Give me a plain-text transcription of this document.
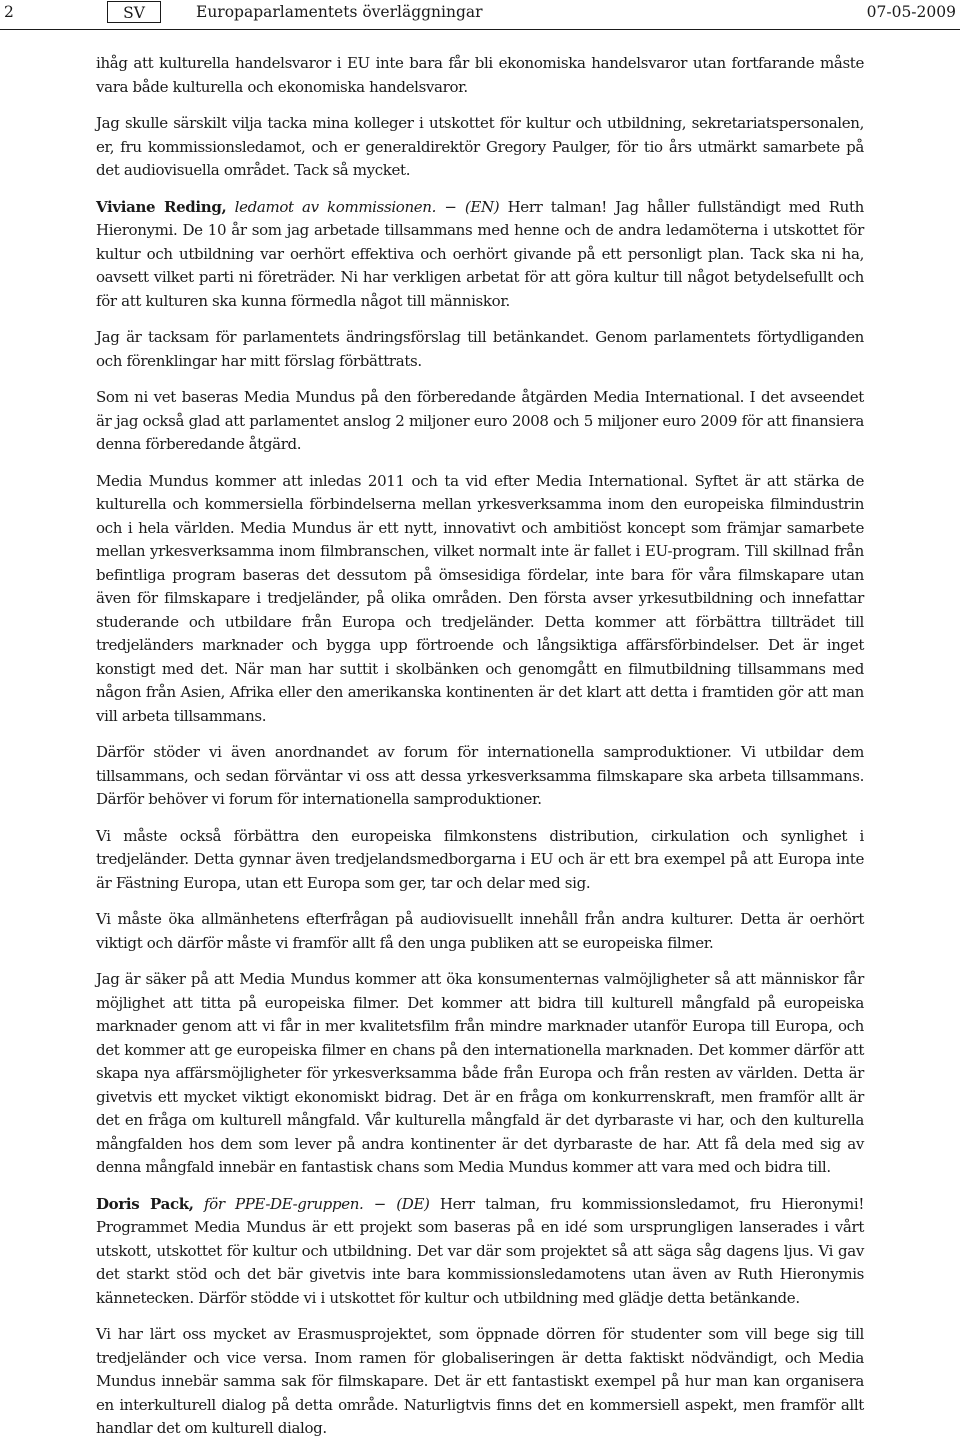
2	SV	Europaparlamentets överläggningar	07-05-2009

ihåg att kulturella handelsvaror i EU inte bara får bli ekonomiska handelsvaror utan fortfarande måste vara både kulturella och ekonomiska handelsvaror.

Jag skulle särskilt vilja tacka mina kolleger i utskottet för kultur och utbildning, sekretariatspersonalen, er, fru kommissionsledamot, och er generaldirektör Gregory Paulger, för tio års utmärkt samarbete på det audiovisuella området. Tack så mycket.

Viviane Reding, ledamot av kommissionen. − (EN) Herr talman! Jag håller fullständigt med Ruth Hieronymi. De 10 år som jag arbetade tillsammans med henne och de andra ledamöterna i utskottet för kultur och utbildning var oerhört effektiva och oerhört givande på ett personligt plan. Tack ska ni ha, oavsett vilket parti ni företräder. Ni har verkligen arbetat för att göra kultur till något betydelsefullt och för att kulturen ska kunna förmedla något till människor.

Jag är tacksam för parlamentets ändringsförslag till betänkandet. Genom parlamentets förtydliganden och förenklingar har mitt förslag förbättrats.

Som ni vet baseras Media Mundus på den förberedande åtgärden Media International. I det avseendet är jag också glad att parlamentet anslog 2 miljoner euro 2008 och 5 miljoner euro 2009 för att finansiera denna förberedande åtgärd.

Media Mundus kommer att inledas 2011 och ta vid efter Media International. Syftet är att stärka de kulturella och kommersiella förbindelserna mellan yrkesverksamma inom den europeiska filmindustrin och i hela världen. Media Mundus är ett nytt, innovativt och ambitiöst koncept som främjar samarbete mellan yrkesverksamma inom filmbranschen, vilket normalt inte är fallet i EU-program. Till skillnad från befintliga program baseras det dessutom på ömsesidiga fördelar, inte bara för våra filmskapare utan även för filmskapare i tredjeländer, på olika områden. Den första avser yrkesutbildning och innefattar studerande och utbildare från Europa och tredjeländer. Detta kommer att förbättra tillträdet till tredjeländers marknader och bygga upp förtroende och långsiktiga affärsförbindelser. Det är inget konstigt med det. När man har suttit i skolbänken och genomgått en filmutbildning tillsammans med någon från Asien, Afrika eller den amerikanska kontinenten är det klart att detta i framtiden gör att man vill arbeta tillsammans.

Därför stöder vi även anordnandet av forum för internationella samproduktioner. Vi utbildar dem tillsammans, och sedan förväntar vi oss att dessa yrkesverksamma filmskapare ska arbeta tillsammans. Därför behöver vi forum för internationella samproduktioner.

Vi måste också förbättra den europeiska filmkonstens distribution, cirkulation och synlighet i tredjeländer. Detta gynnar även tredjelandsmedborgarna i EU och är ett bra exempel på att Europa inte är Fästning Europa, utan ett Europa som ger, tar och delar med sig.

Vi måste öka allmänhetens efterfrågan på audiovisuellt innehåll från andra kulturer. Detta är oerhört viktigt och därför måste vi framför allt få den unga publiken att se europeiska filmer.

Jag är säker på att Media Mundus kommer att öka konsumenternas valmöjligheter så att människor får möjlighet att titta på europeiska filmer. Det kommer att bidra till kulturell mångfald på europeiska marknader genom att vi får in mer kvalitetsfilm från mindre marknader utanför Europa till Europa, och det kommer att ge europeiska filmer en chans på den internationella marknaden. Det kommer därför att skapa nya affärsmöjligheter för yrkesverksamma både från Europa och från resten av världen. Detta är givetvis ett mycket viktigt ekonomiskt bidrag. Det är en fråga om konkurrenskraft, men framför allt är det en fråga om kulturell mångfald. Vår kulturella mångfald är det dyrbaraste vi har, och den kulturella mångfalden hos dem som lever på andra kontinenter är det dyrbaraste de har. Att få dela med sig av denna mångfald innebär en fantastisk chans som Media Mundus kommer att vara med och bidra till.

Doris Pack, för PPE-DE-gruppen. − (DE) Herr talman, fru kommissionsledamot, fru Hieronymi! Programmet Media Mundus är ett projekt som baseras på en idé som ursprungligen lanserades i vårt utskott, utskottet för kultur och utbildning. Det var där som projektet så att säga såg dagens ljus. Vi gav det starkt stöd och det bär givetvis inte bara kommissionsledamotens utan även av Ruth Hieronymis kännetecken. Därför stödde vi i utskottet för kultur och utbildning med glädje detta betänkande.

Vi har lärt oss mycket av Erasmusprojektet, som öppnade dörren för studenter som vill bege sig till tredjeländer och vice versa. Inom ramen för globaliseringen är detta faktiskt nödvändigt, och Media Mundus innebär samma sak för filmskapare. Det är ett fantastiskt exempel på hur man kan organisera en interkulturell dialog på detta område. Naturligtvis finns det en kommersiell aspekt, men framför allt handlar det om kulturell dialog.
